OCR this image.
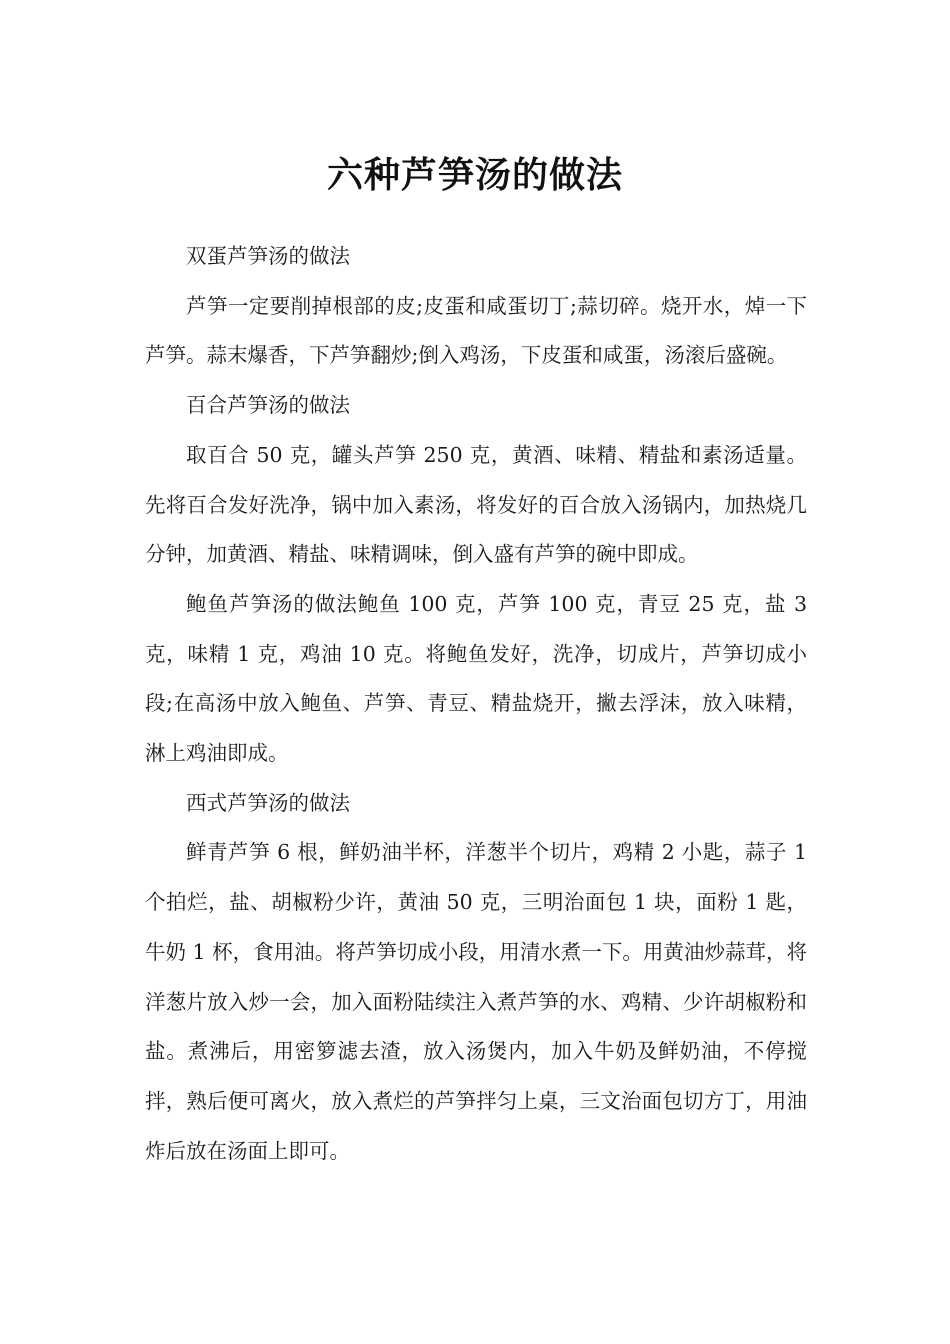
六种芦笋汤的做法

双蛋芦笋汤的做法

芦笋一定要削掉根部的皮;皮蛋和咸蛋切丁;蒜切碎。烧开水，焯一下芦笋。蒜末爆香，下芦笋翻炒;倒入鸡汤，下皮蛋和咸蛋，汤滚后盛碗。

百合芦笋汤的做法

取百合 50 克，罐头芦笋 250 克，黄酒、味精、精盐和素汤适量。先将百合发好洗净，锅中加入素汤，将发好的百合放入汤锅内，加热烧几分钟，加黄酒、精盐、味精调味，倒入盛有芦笋的碗中即成。

鲍鱼芦笋汤的做法鲍鱼 100 克，芦笋 100 克，青豆 25 克，盐 3 克，味精 1 克，鸡油 10 克。将鲍鱼发好，洗净，切成片，芦笋切成小段;在高汤中放入鲍鱼、芦笋、青豆、精盐烧开，撇去浮沫，放入味精，淋上鸡油即成。

西式芦笋汤的做法

鲜青芦笋 6 根，鲜奶油半杯，洋葱半个切片，鸡精 2 小匙，蒜子 1 个拍烂，盐、胡椒粉少许，黄油 50 克，三明治面包 1 块，面粉 1 匙，牛奶 1 杯，食用油。将芦笋切成小段，用清水煮一下。用黄油炒蒜茸，将洋葱片放入炒一会，加入面粉陆续注入煮芦笋的水、鸡精、少许胡椒粉和盐。煮沸后，用密箩滤去渣，放入汤煲内，加入牛奶及鲜奶油，不停搅拌，熟后便可离火，放入煮烂的芦笋拌匀上桌，三文治面包切方丁，用油炸后放在汤面上即可。
